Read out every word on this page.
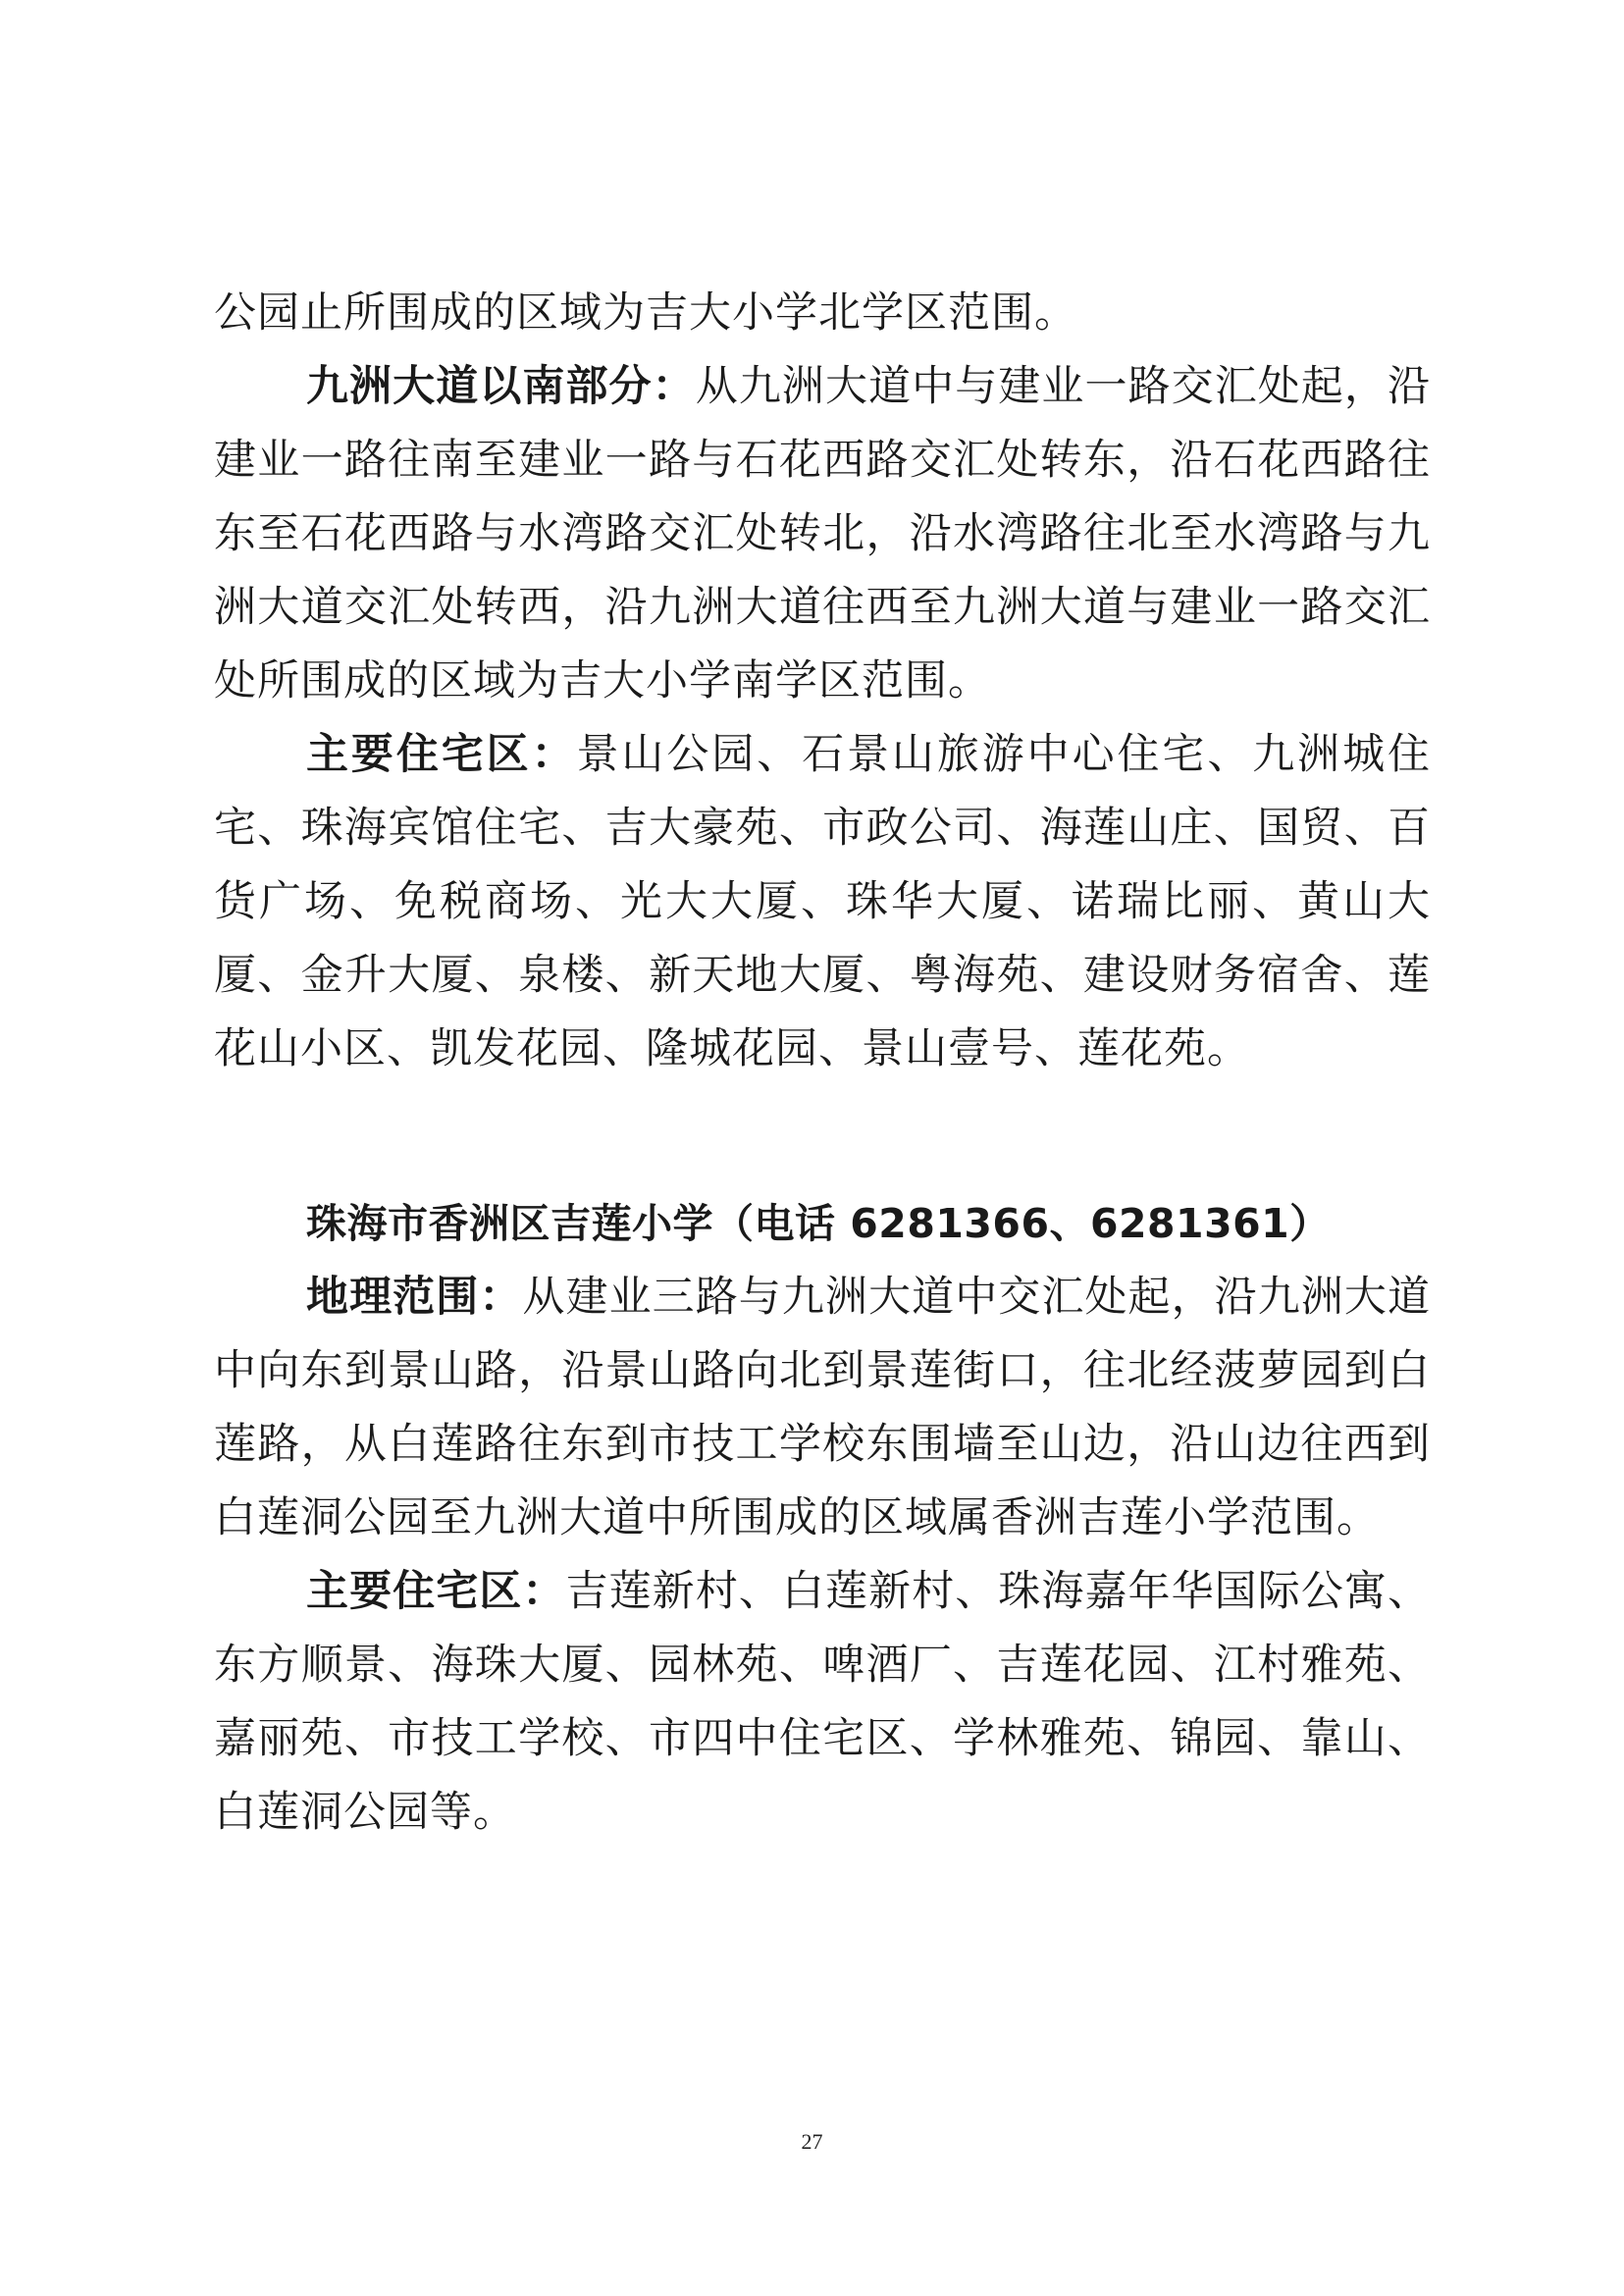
公园止所围成的区域为吉大小学北学区范围。

九洲大道以南部分：从九洲大道中与建业一路交汇处起，沿建业一路往南至建业一路与石花西路交汇处转东，沿石花西路往东至石花西路与水湾路交汇处转北，沿水湾路往北至水湾路与九洲大道交汇处转西，沿九洲大道往西至九洲大道与建业一路交汇处所围成的区域为吉大小学南学区范围。

主要住宅区：景山公园、石景山旅游中心住宅、九洲城住宅、珠海宾馆住宅、吉大豪苑、市政公司、海莲山庄、国贸、百货广场、免税商场、光大大厦、珠华大厦、诺瑞比丽、黄山大厦、金升大厦、泉楼、新天地大厦、粤海苑、建设财务宿舍、莲花山小区、凯发花园、隆城花园、景山壹号、莲花苑。

珠海市香洲区吉莲小学（电话 6281366、6281361）

地理范围：从建业三路与九洲大道中交汇处起，沿九洲大道中向东到景山路，沿景山路向北到景莲街口，往北经菠萝园到白莲路，从白莲路往东到市技工学校东围墙至山边，沿山边往西到白莲洞公园至九洲大道中所围成的区域属香洲吉莲小学范围。

主要住宅区：吉莲新村、白莲新村、珠海嘉年华国际公寓、东方顺景、海珠大厦、园林苑、啤酒厂、吉莲花园、江村雅苑、嘉丽苑、市技工学校、市四中住宅区、学林雅苑、锦园、靠山、白莲洞公园等。

27
